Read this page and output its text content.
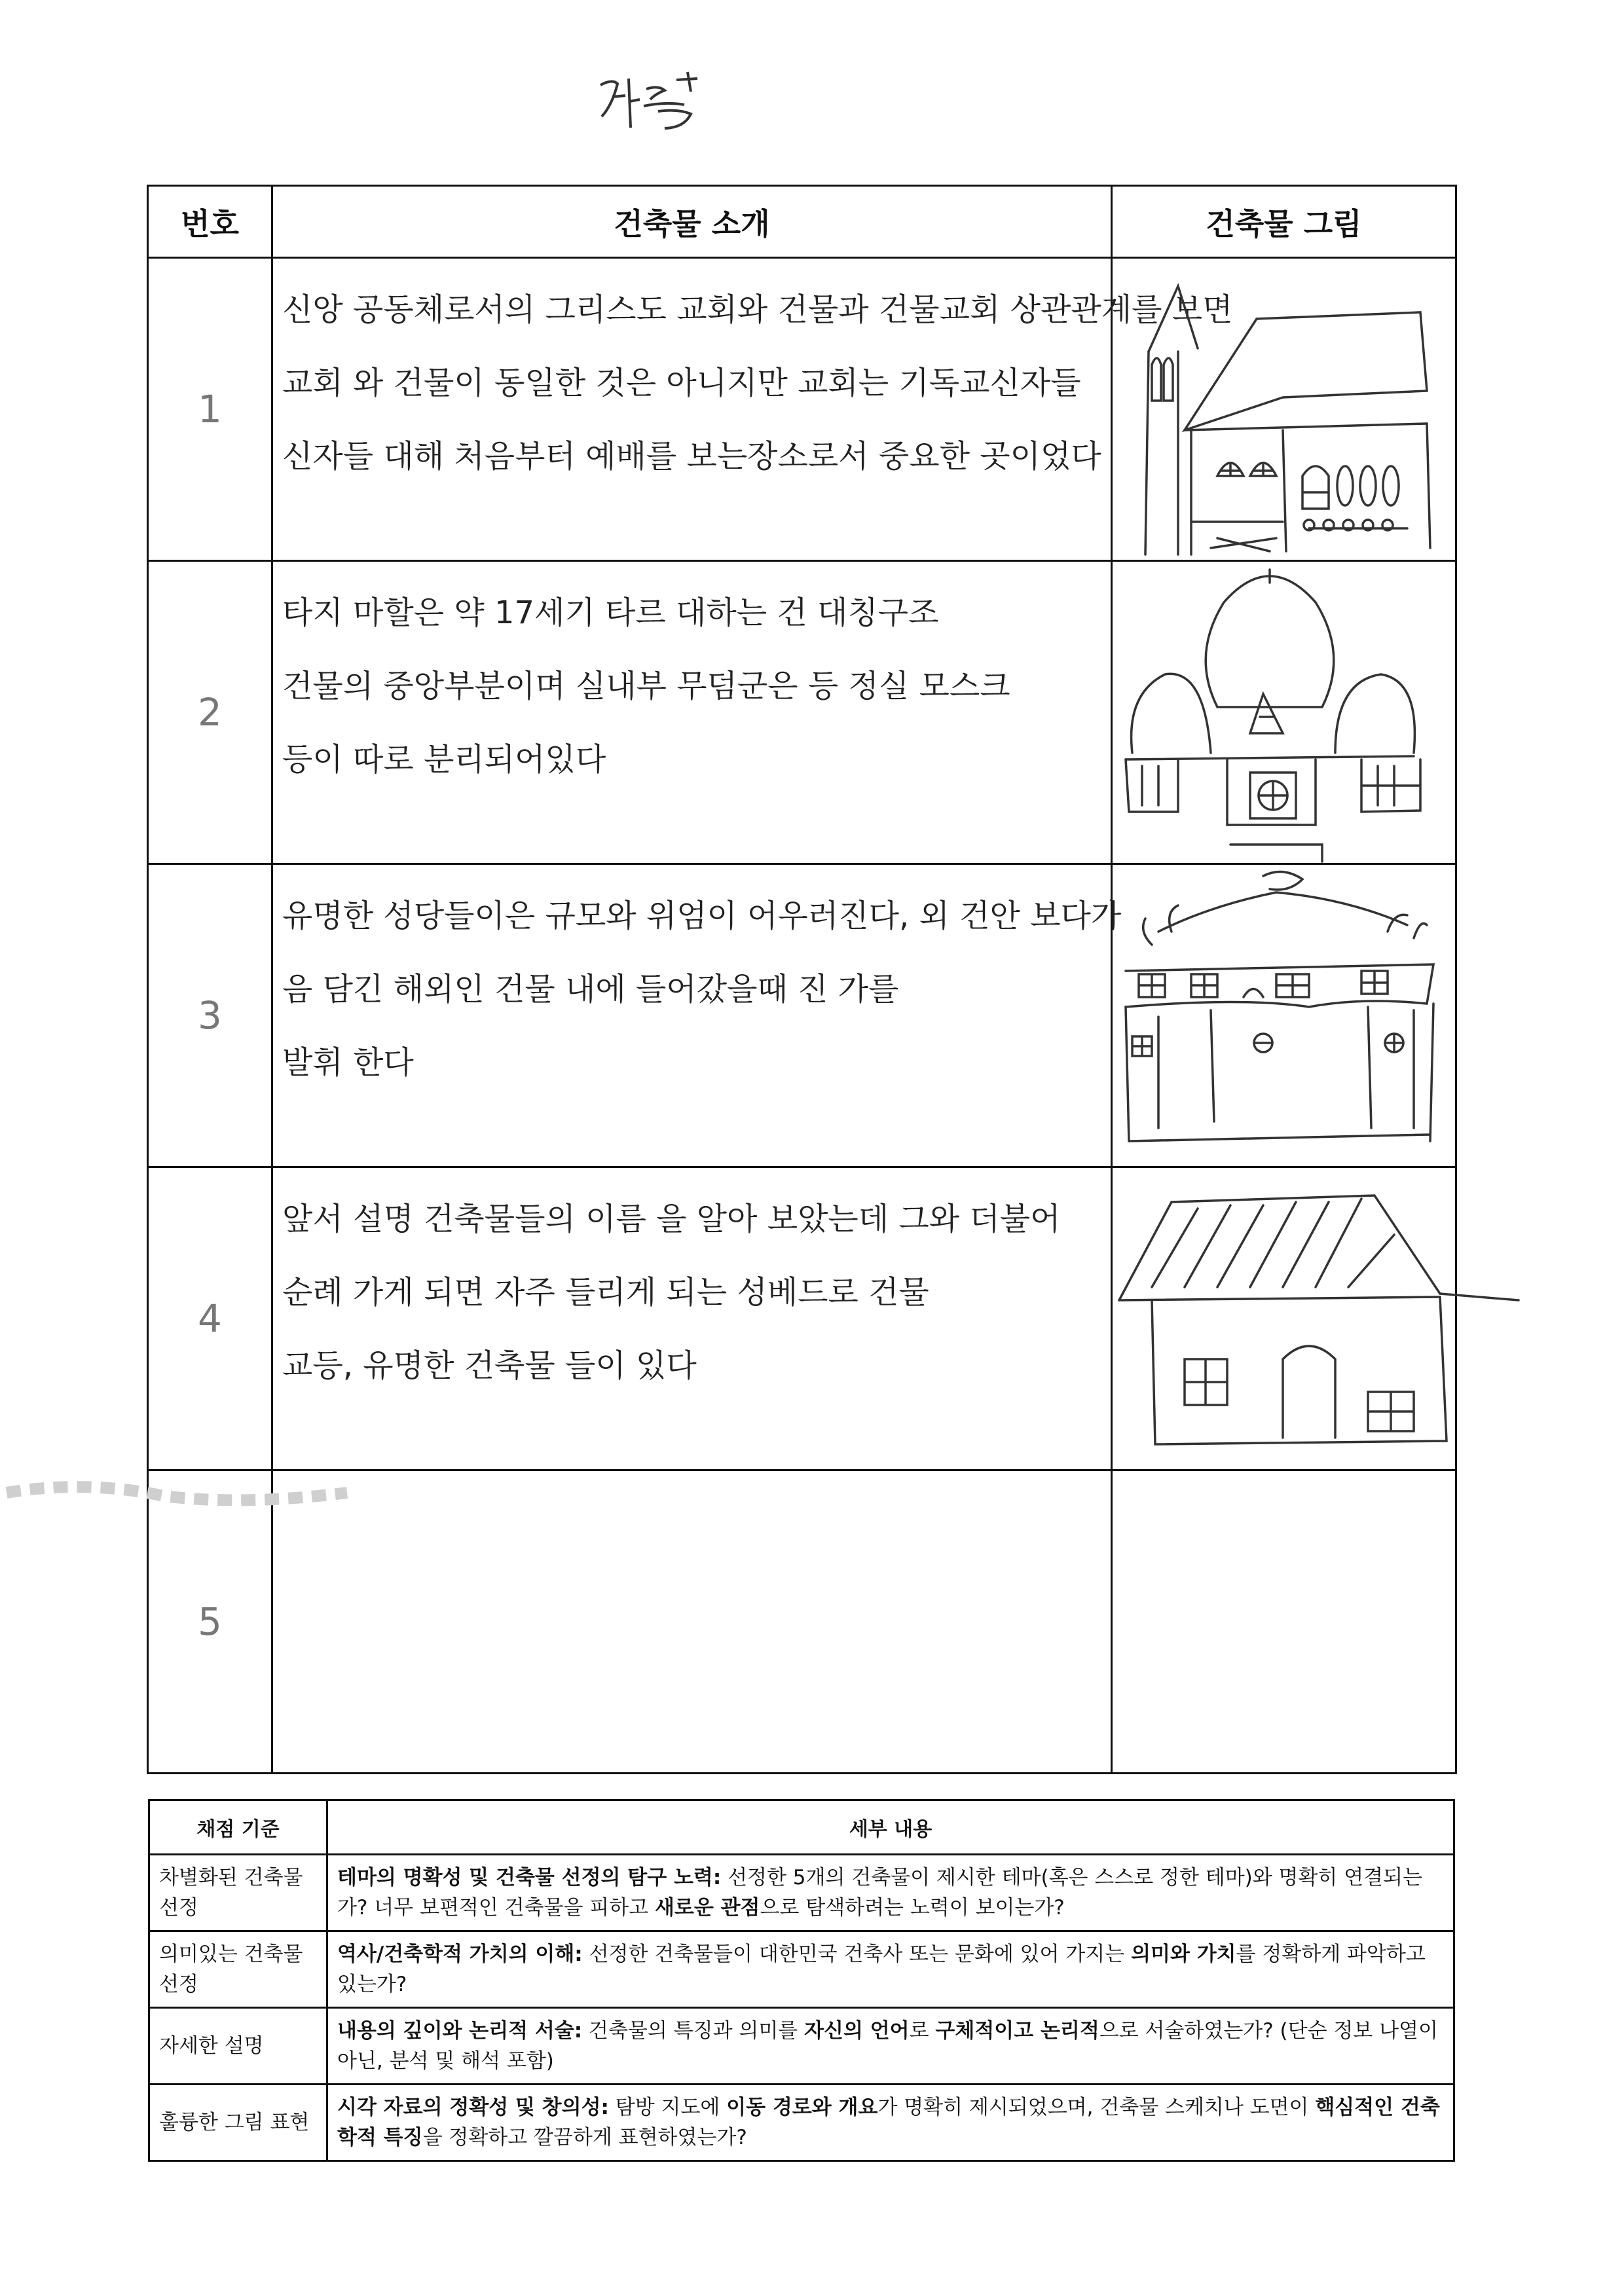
번호	건축물 소개	건축물 그림
1	신앙 공동체로서의 그리스도 교회와 건물과 건물교회 상관관계를 보면
교회 와 건물이 동일한 것은 아니지만 교회는 기독교신자들
신자들 대해 처음부터 예배를 보는장소로서 중요한 곳이었다

2	타지 마할은 약 17세기 타르 대하는 건 대칭구조
건물의 중앙부분이며 실내부 무덤군은 등 정실 모스크
등이 따로 분리되어있다

3	유명한 성당들이은 규모와 위엄이 어우러진다, 외 건안 보다가
음 담긴 해외인 건물 내에 들어갔을때 진 가를
발휘 한다

4	앞서 설명 건축물들의 이름 을 알아 보았는데 그와 더불어
순례 가게 되면 자주 들리게 되는 성베드로 건물
교등, 유명한 건축물 들이 있다

5		
채점 기준	세부 내용
차별화된 건축물 선정	테마의 명확성 및 건축물 선정의 탐구 노력: 선정한 5개의 건축물이 제시한 테마(혹은 스스로 정한 테마)와 명확히 연결되는가? 너무 보편적인 건축물을 피하고 새로운 관점으로 탐색하려는 노력이 보이는가?
의미있는 건축물 선정	역사/건축학적 가치의 이해: 선정한 건축물들이 대한민국 건축사 또는 문화에 있어 가지는 의미와 가치를 정확하게 파악하고 있는가?
자세한 설명	내용의 깊이와 논리적 서술: 건축물의 특징과 의미를 자신의 언어로 구체적이고 논리적으로 서술하였는가? (단순 정보 나열이 아닌, 분석 및 해석 포함)
훌륭한 그림 표현	시각 자료의 정확성 및 창의성: 탐방 지도에 이동 경로와 개요가 명확히 제시되었으며, 건축물 스케치나 도면이 핵심적인 건축학적 특징을 정확하고 깔끔하게 표현하였는가?
